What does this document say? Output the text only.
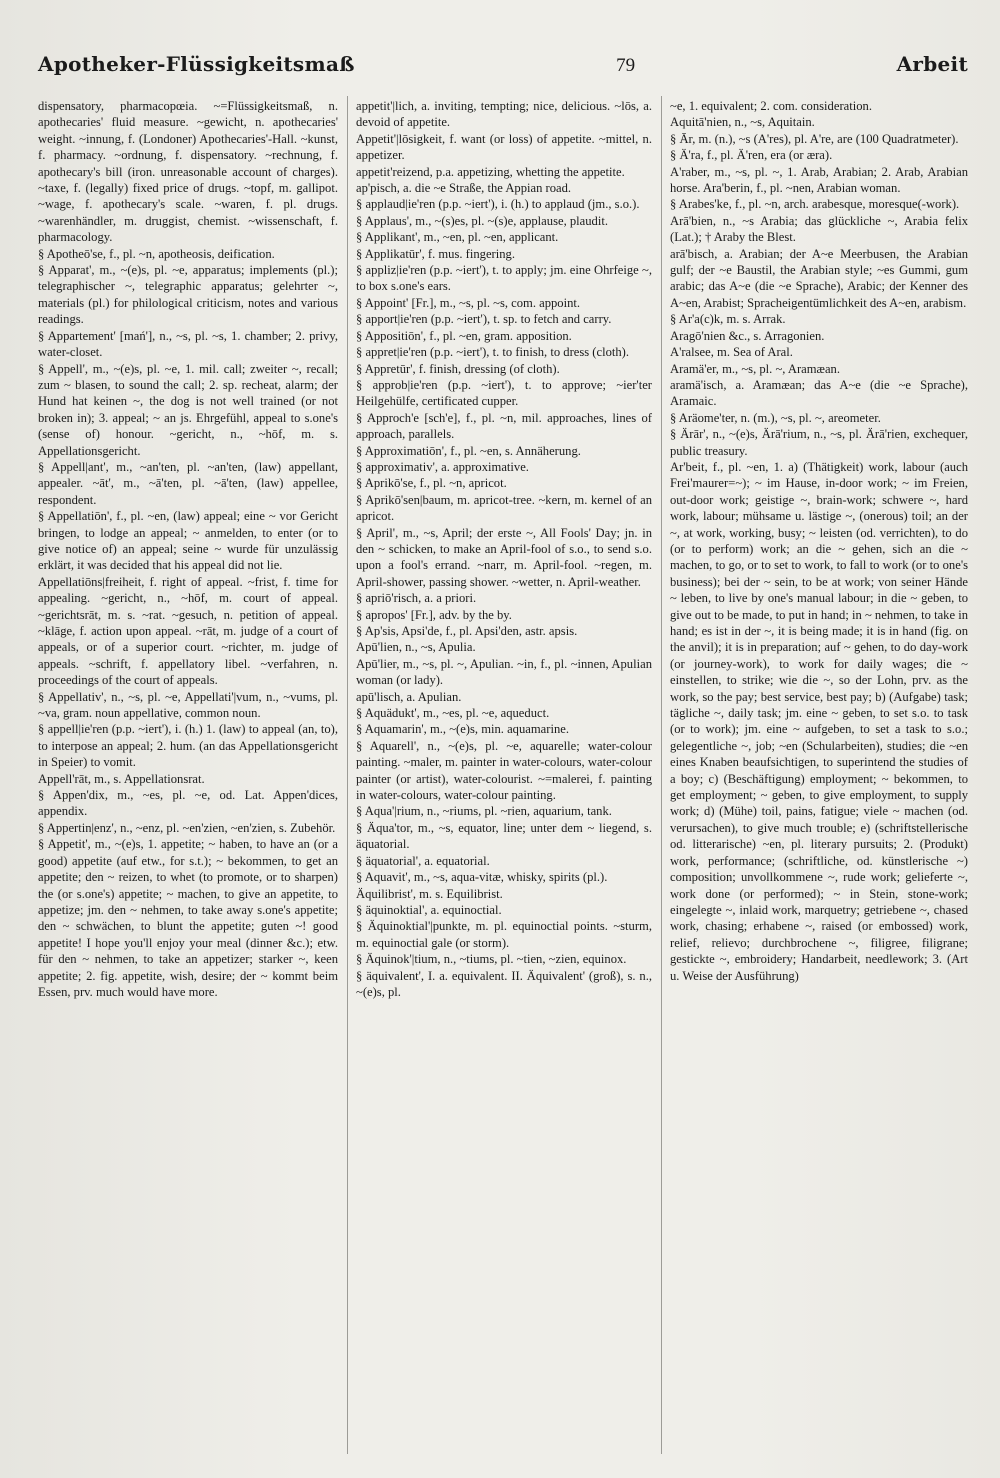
Apotheker-Flüssigkeitsmaß	79	Arbeit

dispensatory, pharmacopœia. ~=Flüssigkeitsmaß, n. apothecaries' fluid measure. ~gewicht, n. apothecaries' weight. ~innung, f. (Londoner) Apothecaries'-Hall. ~kunst, f. pharmacy. ~ordnung, f. dispensatory. ~rechnung, f. apothecary's bill (iron. unreasonable account of charges). ~taxe, f. (legally) fixed price of drugs. ~topf, m. gallipot. ~wage, f. apothecary's scale. ~waren, f. pl. drugs. ~warenhändler, m. druggist, chemist. ~wissenschaft, f. pharmacology.

§ Apotheō'se, f., pl. ~n, apotheosis, deification.

§ Apparat', m., ~(e)s, pl. ~e, apparatus; implements (pl.); telegraphischer ~, telegraphic apparatus; gelehrter ~, materials (pl.) for philological criticism, notes and various readings.

§ Appartement' [mań'], n., ~s, pl. ~s, 1. chamber; 2. privy, water-closet.

§ Appell', m., ~(e)s, pl. ~e, 1. mil. call; zweiter ~, recall; zum ~ blasen, to sound the call; 2. sp. recheat, alarm; der Hund hat keinen ~, the dog is not well trained (or not broken in); 3. appeal; ~ an js. Ehrgefühl, appeal to s.one's (sense of) honour. ~gericht, n., ~hōf, m. s. Appellationsgericht.

§ Appell|ant', m., ~an'ten, pl. ~an'ten, (law) appellant, appealer. ~āt', m., ~ā'ten, pl. ~ā'ten, (law) appellee, respondent.

§ Appellatiōn', f., pl. ~en, (law) appeal; eine ~ vor Gericht bringen, to lodge an appeal; ~ anmelden, to enter (or to give notice of) an appeal; seine ~ wurde für unzulässig erklärt, it was decided that his appeal did not lie.

Appellatiōns|freiheit, f. right of appeal. ~frist, f. time for appealing. ~gericht, n., ~hōf, m. court of appeal. ~gerichtsrāt, m. s. ~rat. ~gesuch, n. petition of appeal. ~klāge, f. action upon appeal. ~rāt, m. judge of a court of appeals, or of a superior court. ~richter, m. judge of appeals. ~schrift, f. appellatory libel. ~verfahren, n. proceedings of the court of appeals.

§ Appellativ', n., ~s, pl. ~e, Appellati'|vum, n., ~vums, pl. ~va, gram. noun appellative, common noun.

§ appell|ie'ren (p.p. ~iert'), i. (h.) 1. (law) to appeal (an, to), to interpose an appeal; 2. hum. (an das Appellationsgericht in Speier) to vomit.

Appell'rāt, m., s. Appellationsrat.

§ Appen'dix, m., ~es, pl. ~e, od. Lat. Appen'dices, appendix.

§ Appertin|enz', n., ~enz, pl. ~en'zien, ~en'zien, s. Zubehör.

§ Appetit', m., ~(e)s, 1. appetite; ~ haben, to have an (or a good) appetite (auf etw., for s.t.); ~ bekommen, to get an appetite; den ~ reizen, to whet (to promote, or to sharpen) the (or s.one's) appetite; ~ machen, to give an appetite, to appetize; jm. den ~ nehmen, to take away s.one's appetite; den ~ schwächen, to blunt the appetite; guten ~! good appetite! I hope you'll enjoy your meal (dinner &c.); etw. für den ~ nehmen, to take an appetizer; starker ~, keen appetite; 2. fig. appetite, wish, desire; der ~ kommt beim Essen, prv. much would have more.

appetit'|lich, a. inviting, tempting; nice, delicious. ~lōs, a. devoid of appetite.

Appetit'|lōsigkeit, f. want (or loss) of appetite. ~mittel, n. appetizer.

appetit'reizend, p.a. appetizing, whetting the appetite.

ap'pisch, a. die ~e Straße, the Appian road.

§ applaud|ie'ren (p.p. ~iert'), i. (h.) to applaud (jm., s.o.).

§ Applaus', m., ~(s)es, pl. ~(s)e, applause, plaudit.

§ Applikant', m., ~en, pl. ~en, applicant.

§ Applikatūr', f. mus. fingering.

§ appliz|ie'ren (p.p. ~iert'), t. to apply; jm. eine Ohrfeige ~, to box s.one's ears.

§ Appoint' [Fr.], m., ~s, pl. ~s, com. appoint.

§ apport|ie'ren (p.p. ~iert'), t. sp. to fetch and carry.

§ Appositiōn', f., pl. ~en, gram. apposition.

§ appret|ie'ren (p.p. ~iert'), t. to finish, to dress (cloth).

§ Appretūr', f. finish, dressing (of cloth).

§ approb|ie'ren (p.p. ~iert'), t. to approve; ~ier'ter Heilgehülfe, certificated cupper.

§ Approch'e [sch'e], f., pl. ~n, mil. approaches, lines of approach, parallels.

§ Approximatiōn', f., pl. ~en, s. Annäherung.

§ approximativ', a. approximative.

§ Aprikō'se, f., pl. ~n, apricot.

§ Aprikō'sen|baum, m. apricot-tree. ~kern, m. kernel of an apricot.

§ April', m., ~s, April; der erste ~, All Fools' Day; jn. in den ~ schicken, to make an April-fool of s.o., to send s.o. upon a fool's errand. ~narr, m. April-fool. ~regen, m. April-shower, passing shower. ~wetter, n. April-weather.

§ apriō'risch, a. a priori.

§ apropos' [Fr.], adv. by the by.

§ Ap'sis, Apsi'de, f., pl. Apsi'den, astr. apsis.

Apū'lien, n., ~s, Apulia.

Apū'lier, m., ~s, pl. ~, Apulian. ~in, f., pl. ~innen, Apulian woman (or lady).

apū'lisch, a. Apulian.

§ Aquädukt', m., ~es, pl. ~e, aqueduct.

§ Aquamarin', m., ~(e)s, min. aquamarine.

§ Aquarell', n., ~(e)s, pl. ~e, aquarelle; water-colour painting. ~maler, m. painter in water-colours, water-colour painter (or artist), water-colourist. ~=malerei, f. painting in water-colours, water-colour painting.

§ Aqua'|rium, n., ~riums, pl. ~rien, aquarium, tank.

§ Äqua'tor, m., ~s, equator, line; unter dem ~ liegend, s. äquatorial.

§ äquatorial', a. equatorial.

§ Aquavit', m., ~s, aqua-vitæ, whisky, spirits (pl.).

Äquilibrist', m. s. Equilibrist.

§ äquinoktial', a. equinoctial.

§ Äquinoktial'|punkte, m. pl. equinoctial points. ~sturm, m. equinoctial gale (or storm).

§ Äquinok'|tium, n., ~tiums, pl. ~tien, ~zien, equinox.

§ äquivalent', I. a. equivalent. II. Äquivalent' (groß), s. n., ~(e)s, pl.

~e, 1. equivalent; 2. com. consideration.

Aquitā'nien, n., ~s, Aquitain.

§ Ār, m. (n.), ~s (A'res), pl. A're, are (100 Quadratmeter).

§ Ä'ra, f., pl. Ä'ren, era (or æra).

A'raber, m., ~s, pl. ~, 1. Arab, Arabian; 2. Arab, Arabian horse. Ara'berin, f., pl. ~nen, Arabian woman.

§ Arabes'ke, f., pl. ~n, arch. arabesque, moresque(-work).

Arā'bien, n., ~s Arabia; das glückliche ~, Arabia felix (Lat.); † Araby the Blest.

arā'bisch, a. Arabian; der A~e Meerbusen, the Arabian gulf; der ~e Baustil, the Arabian style; ~es Gummi, gum arabic; das A~e (die ~e Sprache), Arabic; der Kenner des A~en, Arabist; Spracheigentümlichkeit des A~en, arabism.

§ Ar'a(c)k, m. s. Arrak.

Aragō'nien &c., s. Arragonien.

A'ralsee, m. Sea of Aral.

Aramä'er, m., ~s, pl. ~, Aramæan.

aramä'isch, a. Aramæan; das A~e (die ~e Sprache), Aramaic.

§ Aräome'ter, n. (m.), ~s, pl. ~, areometer.

§ Ärār', n., ~(e)s, Ärā'rium, n., ~s, pl. Ärā'rien, exchequer, public treasury.

Ar'beit, f., pl. ~en, 1. a) (Thätigkeit) work, labour (auch Frei'maurer=~); ~ im Hause, in-door work; ~ im Freien, out-door work; geistige ~, brain-work; schwere ~, hard work, labour; mühsame u. lästige ~, (onerous) toil; an der ~, at work, working, busy; ~ leisten (od. verrichten), to do (or to perform) work; an die ~ gehen, sich an die ~ machen, to go, or to set to work, to fall to work (or to one's business); bei der ~ sein, to be at work; von seiner Hände ~ leben, to live by one's manual labour; in die ~ geben, to give out to be made, to put in hand; in ~ nehmen, to take in hand; es ist in der ~, it is being made; it is in hand (fig. on the anvil); it is in preparation; auf ~ gehen, to do day-work (or journey-work), to work for daily wages; die ~ einstellen, to strike; wie die ~, so der Lohn, prv. as the work, so the pay; best service, best pay; b) (Aufgabe) task; tägliche ~, daily task; jm. eine ~ geben, to set s.o. to task (or to work); jm. eine ~ aufgeben, to set a task to s.o.; gelegentliche ~, job; ~en (Schularbeiten), studies; die ~en eines Knaben beaufsichtigen, to superintend the studies of a boy; c) (Beschäftigung) employment; ~ bekommen, to get employment; ~ geben, to give employment, to supply work; d) (Mühe) toil, pains, fatigue; viele ~ machen (od. verursachen), to give much trouble; e) (schriftstellerische od. litterarische) ~en, pl. literary pursuits; 2. (Produkt) work, performance; (schriftliche, od. künstlerische ~) composition; unvollkommene ~, rude work; gelieferte ~, work done (or performed); ~ in Stein, stone-work; eingelegte ~, inlaid work, marquetry; getriebene ~, chased work, chasing; erhabene ~, raised (or embossed) work, relief, relievo; durchbrochene ~, filigree, filigrane; gestickte ~, embroidery; Handarbeit, needlework; 3. (Art u. Weise der Ausführung)
